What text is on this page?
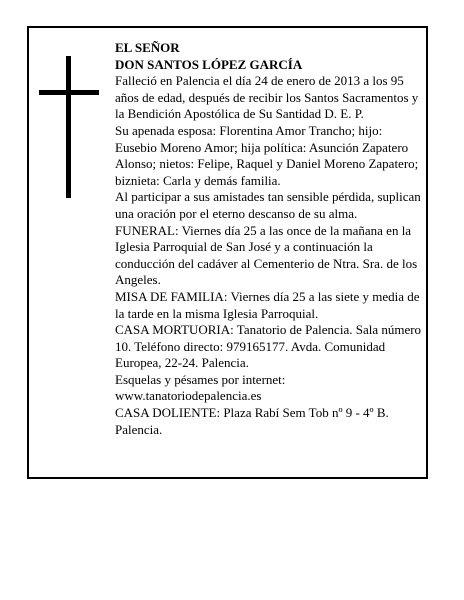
EL SEÑOR

DON SANTOS LÓPEZ GARCÍA

Falleció en Palencia el día 24 de enero de 2013 a los 95 años de edad, después de recibir los Santos Sacramentos y la Bendición Apostólica de Su Santidad D. E. P.

Su apenada esposa: Florentina Amor Trancho; hijo: Eusebio Moreno Amor; hija política: Asunción Zapatero Alonso; nietos: Felipe, Raquel y Daniel Moreno Zapatero; biznieta: Carla y demás familia.

Al participar a sus amistades tan sensible pérdida, suplican una oración por el eterno descanso de su alma.

FUNERAL: Viernes día 25 a las once de la mañana en la Iglesia Parroquial de San José y a continuación la conducción del cadáver al Cementerio de Ntra. Sra. de los Angeles.

MISA DE FAMILIA: Viernes día 25 a las siete y media de la tarde en la misma Iglesia Parroquial.

CASA MORTUORIA: Tanatorio de Palencia. Sala número 10. Teléfono directo: 979165177. Avda. Comunidad Europea, 22-24. Palencia.

Esquelas y pésames por internet: www.tanatoriodepalencia.es

CASA DOLIENTE: Plaza Rabí Sem Tob nº 9 - 4º B. Palencia.
